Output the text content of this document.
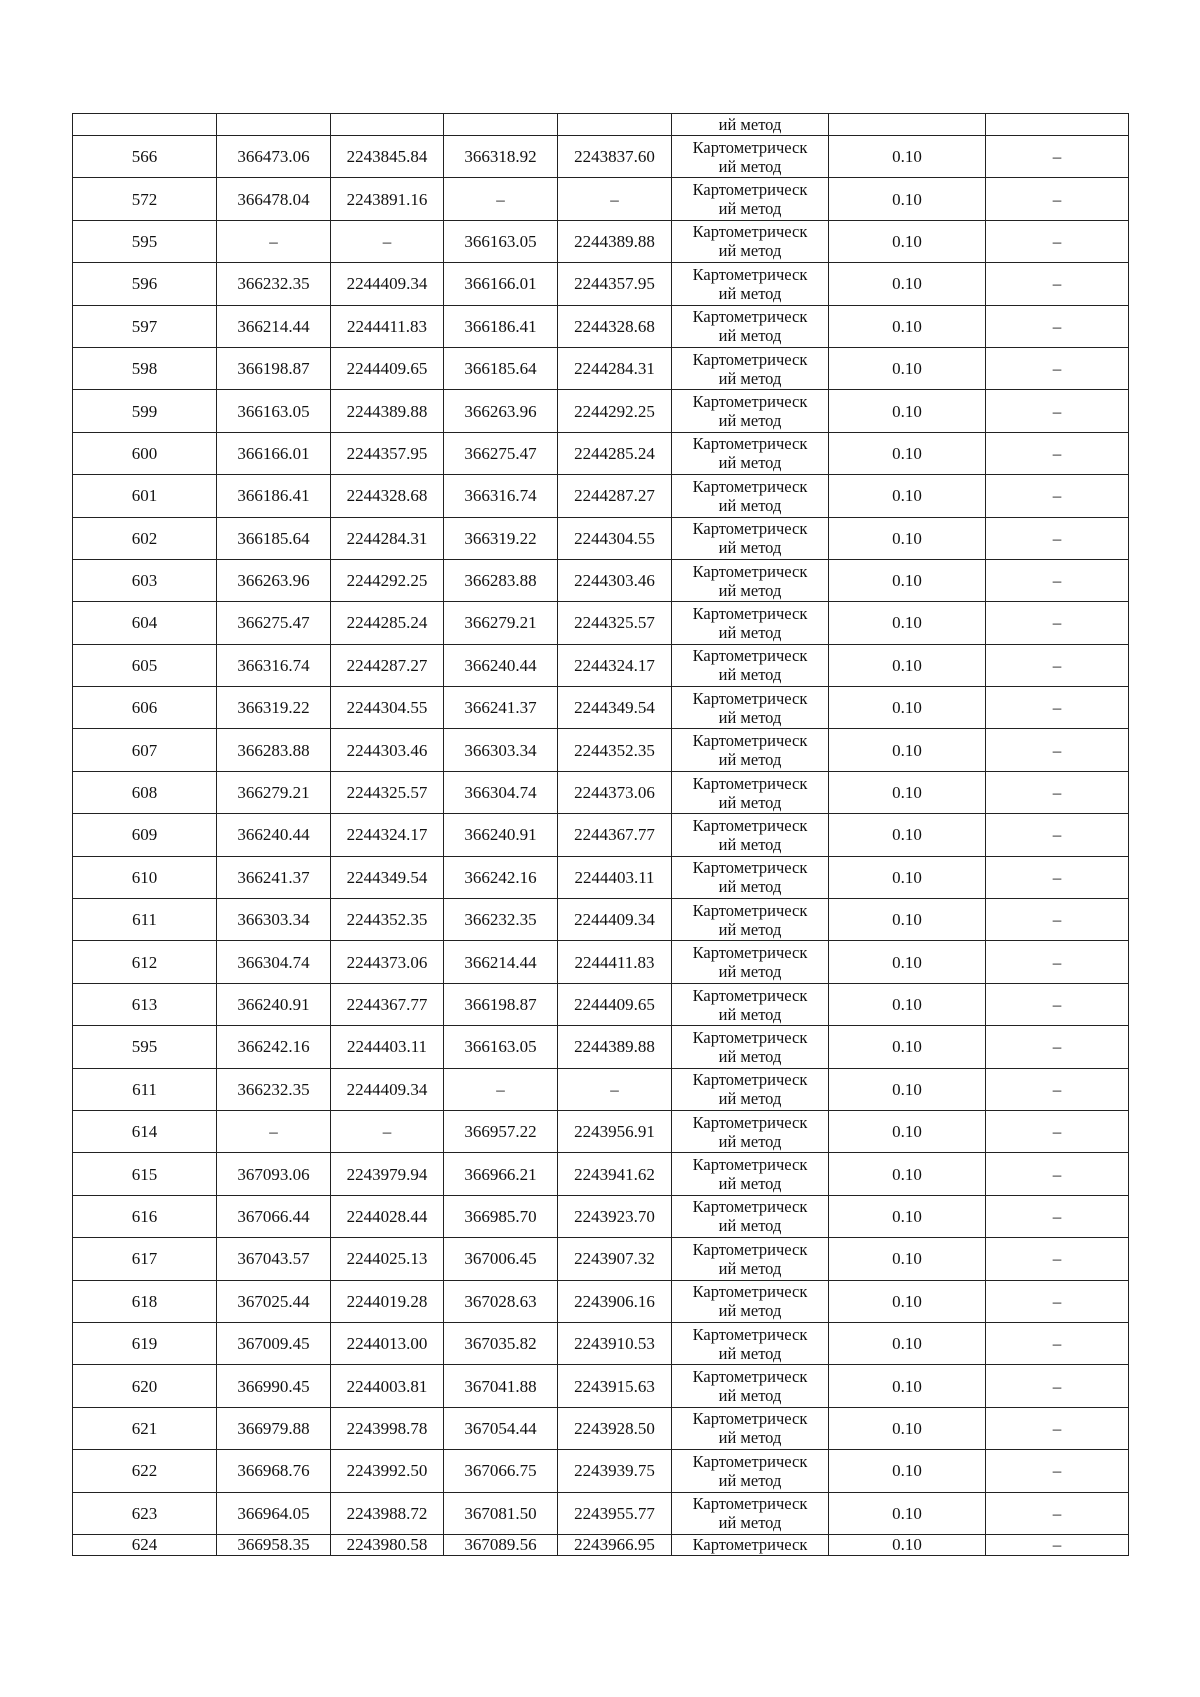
					ий метод		
566	366473.06	2243845.84	366318.92	2243837.60	Картометрическ
ий метод	0.10	–
572	366478.04	2243891.16	–	–	Картометрическ
ий метод	0.10	–
595	–	–	366163.05	2244389.88	Картометрическ
ий метод	0.10	–
596	366232.35	2244409.34	366166.01	2244357.95	Картометрическ
ий метод	0.10	–
597	366214.44	2244411.83	366186.41	2244328.68	Картометрическ
ий метод	0.10	–
598	366198.87	2244409.65	366185.64	2244284.31	Картометрическ
ий метод	0.10	–
599	366163.05	2244389.88	366263.96	2244292.25	Картометрическ
ий метод	0.10	–
600	366166.01	2244357.95	366275.47	2244285.24	Картометрическ
ий метод	0.10	–
601	366186.41	2244328.68	366316.74	2244287.27	Картометрическ
ий метод	0.10	–
602	366185.64	2244284.31	366319.22	2244304.55	Картометрическ
ий метод	0.10	–
603	366263.96	2244292.25	366283.88	2244303.46	Картометрическ
ий метод	0.10	–
604	366275.47	2244285.24	366279.21	2244325.57	Картометрическ
ий метод	0.10	–
605	366316.74	2244287.27	366240.44	2244324.17	Картометрическ
ий метод	0.10	–
606	366319.22	2244304.55	366241.37	2244349.54	Картометрическ
ий метод	0.10	–
607	366283.88	2244303.46	366303.34	2244352.35	Картометрическ
ий метод	0.10	–
608	366279.21	2244325.57	366304.74	2244373.06	Картометрическ
ий метод	0.10	–
609	366240.44	2244324.17	366240.91	2244367.77	Картометрическ
ий метод	0.10	–
610	366241.37	2244349.54	366242.16	2244403.11	Картометрическ
ий метод	0.10	–
611	366303.34	2244352.35	366232.35	2244409.34	Картометрическ
ий метод	0.10	–
612	366304.74	2244373.06	366214.44	2244411.83	Картометрическ
ий метод	0.10	–
613	366240.91	2244367.77	366198.87	2244409.65	Картометрическ
ий метод	0.10	–
595	366242.16	2244403.11	366163.05	2244389.88	Картометрическ
ий метод	0.10	–
611	366232.35	2244409.34	–	–	Картометрическ
ий метод	0.10	–
614	–	–	366957.22	2243956.91	Картометрическ
ий метод	0.10	–
615	367093.06	2243979.94	366966.21	2243941.62	Картометрическ
ий метод	0.10	–
616	367066.44	2244028.44	366985.70	2243923.70	Картометрическ
ий метод	0.10	–
617	367043.57	2244025.13	367006.45	2243907.32	Картометрическ
ий метод	0.10	–
618	367025.44	2244019.28	367028.63	2243906.16	Картометрическ
ий метод	0.10	–
619	367009.45	2244013.00	367035.82	2243910.53	Картометрическ
ий метод	0.10	–
620	366990.45	2244003.81	367041.88	2243915.63	Картометрическ
ий метод	0.10	–
621	366979.88	2243998.78	367054.44	2243928.50	Картометрическ
ий метод	0.10	–
622	366968.76	2243992.50	367066.75	2243939.75	Картометрическ
ий метод	0.10	–
623	366964.05	2243988.72	367081.50	2243955.77	Картометрическ
ий метод	0.10	–
624	366958.35	2243980.58	367089.56	2243966.95	Картометрическ	0.10	–
